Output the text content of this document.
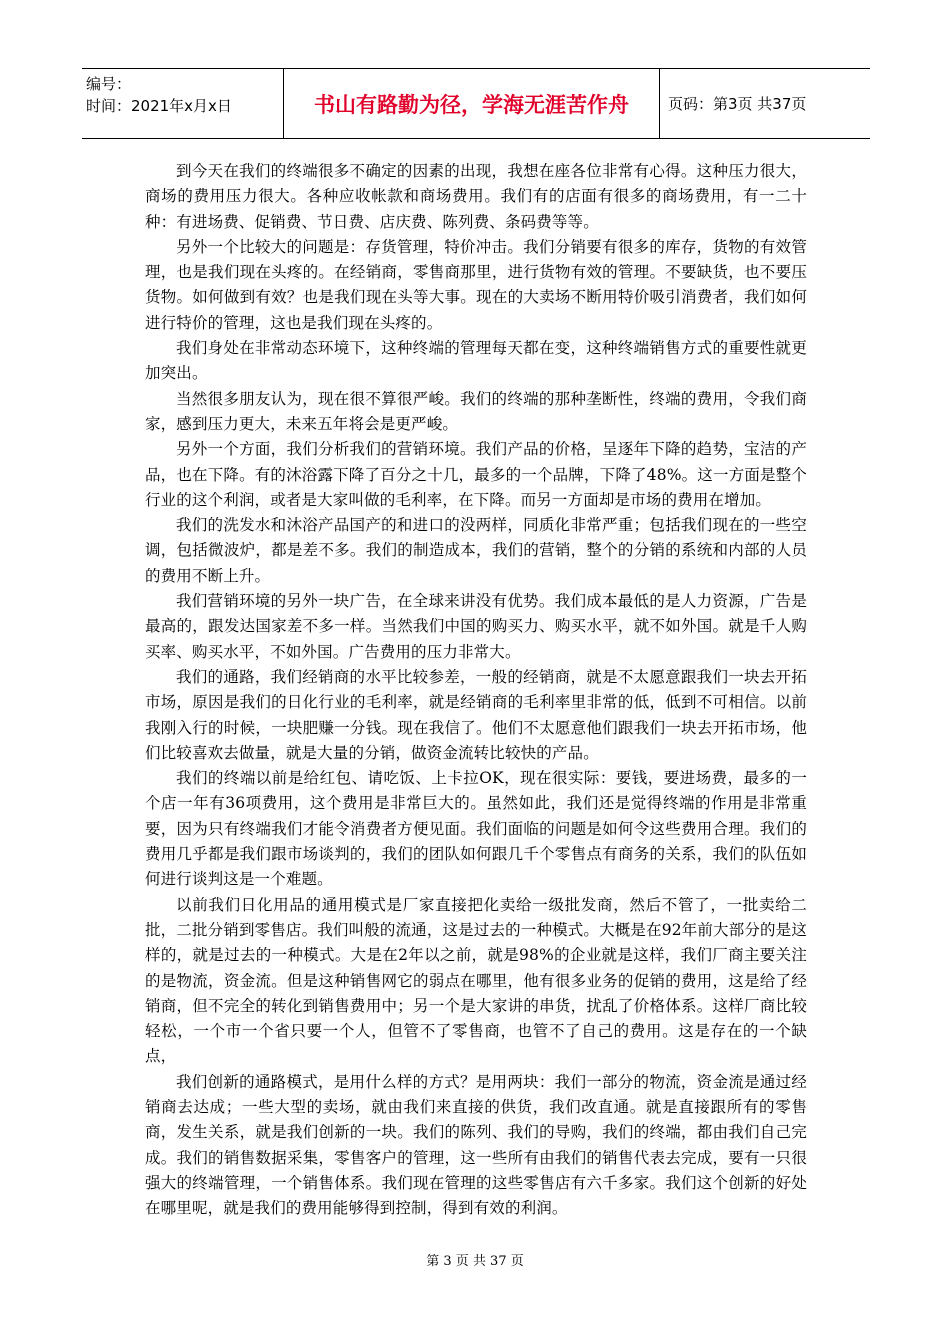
编号：
时间：2021年x月x日	书山有路勤为径，学海无涯苦作舟	页码：第3页 共37页

到今天在我们的终端很多不确定的因素的出现，我想在座各位非常有心得。这种压力很大，商场的费用压力很大。各种应收帐款和商场费用。我们有的店面有很多的商场费用，有一二十种：有进场费、促销费、节日费、店庆费、陈列费、条码费等等。

另外一个比较大的问题是：存货管理，特价冲击。我们分销要有很多的库存，货物的有效管理，也是我们现在头疼的。在经销商，零售商那里，进行货物有效的管理。不要缺货，也不要压货物。如何做到有效？也是我们现在头等大事。现在的大卖场不断用特价吸引消费者，我们如何进行特价的管理，这也是我们现在头疼的。

我们身处在非常动态环境下，这种终端的管理每天都在变，这种终端销售方式的重要性就更加突出。

当然很多朋友认为，现在很不算很严峻。我们的终端的那种垄断性，终端的费用，令我们商家，感到压力更大，未来五年将会是更严峻。

另外一个方面，我们分析我们的营销环境。我们产品的价格，呈逐年下降的趋势，宝洁的产品，也在下降。有的沐浴露下降了百分之十几，最多的一个品牌，下降了48%。这一方面是整个行业的这个利润，或者是大家叫做的毛利率，在下降。而另一方面却是市场的费用在增加。

我们的洗发水和沐浴产品国产的和进口的没两样，同质化非常严重；包括我们现在的一些空调，包括微波炉，都是差不多。我们的制造成本，我们的营销，整个的分销的系统和内部的人员的费用不断上升。

我们营销环境的另外一块广告，在全球来讲没有优势。我们成本最低的是人力资源，广告是最高的，跟发达国家差不多一样。当然我们中国的购买力、购买水平，就不如外国。就是千人购买率、购买水平，不如外国。广告费用的压力非常大。

我们的通路，我们经销商的水平比较参差，一般的经销商，就是不太愿意跟我们一块去开拓市场，原因是我们的日化行业的毛利率，就是经销商的毛利率里非常的低，低到不可相信。以前我刚入行的时候，一块肥赚一分钱。现在我信了。他们不太愿意他们跟我们一块去开拓市场，他们比较喜欢去做量，就是大量的分销，做资金流转比较快的产品。

我们的终端以前是给红包、请吃饭、上卡拉OK，现在很实际：要钱，要进场费，最多的一个店一年有36项费用，这个费用是非常巨大的。虽然如此，我们还是觉得终端的作用是非常重要，因为只有终端我们才能令消费者方便见面。我们面临的问题是如何令这些费用合理。我们的费用几乎都是我们跟市场谈判的，我们的团队如何跟几千个零售点有商务的关系，我们的队伍如何进行谈判这是一个难题。

以前我们日化用品的通用模式是厂家直接把化卖给一级批发商，然后不管了，一批卖给二批，二批分销到零售店。我们叫般的流通，这是过去的一种模式。大概是在92年前大部分的是这样的，就是过去的一种模式。大是在2年以之前，就是98%的企业就是这样，我们厂商主要关注的是物流，资金流。但是这种销售网它的弱点在哪里，他有很多业务的促销的费用，这是给了经销商，但不完全的转化到销售费用中；另一个是大家讲的串货，扰乱了价格体系。这样厂商比较轻松，一个市一个省只要一个人，但管不了零售商，也管不了自己的费用。这是存在的一个缺点，

我们创新的通路模式，是用什么样的方式？是用两块：我们一部分的物流，资金流是通过经销商去达成；一些大型的卖场，就由我们来直接的供货，我们改直通。就是直接跟所有的零售商，发生关系，就是我们创新的一块。我们的陈列、我们的导购，我们的终端，都由我们自己完成。我们的销售数据采集，零售客户的管理，这一些所有由我们的销售代表去完成，要有一只很强大的终端管理，一个销售体系。我们现在管理的这些零售店有六千多家。我们这个创新的好处在哪里呢，就是我们的费用能够得到控制，得到有效的利润。

第 3 页 共 37 页
